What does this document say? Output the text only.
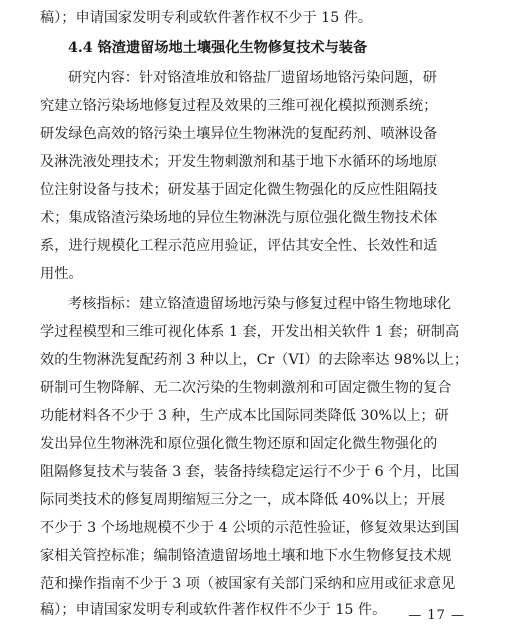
稿）；申请国家发明专利或软件著作权不少于 15 件。
4.4 铬渣遗留场地土壤强化生物修复技术与装备
研究内容：针对铬渣堆放和铬盐厂遗留场地铬污染问题，研
究建立铬污染场地修复过程及效果的三维可视化模拟预测系统；
研发绿色高效的铬污染土壤异位生物淋洗的复配药剂、喷淋设备
及淋洗液处理技术；开发生物刺激剂和基于地下水循环的场地原
位注射设备与技术；研发基于固定化微生物强化的反应性阻隔技
术；集成铬渣污染场地的异位生物淋洗与原位强化微生物技术体
系，进行规模化工程示范应用验证，评估其安全性、长效性和适
用性。
考核指标：建立铬渣遗留场地污染与修复过程中铬生物地球化
学过程模型和三维可视化体系 1 套，开发出相关软件 1 套；研制高
效的生物淋洗复配药剂 3 种以上，Cr（VI）的去除率达 98%以上；
研制可生物降解、无二次污染的生物刺激剂和可固定微生物的复合
功能材料各不少于 3 种，生产成本比国际同类降低 30%以上；研
发出异位生物淋洗和原位强化微生物还原和固定化微生物强化的
阻隔修复技术与装备 3 套，装备持续稳定运行不少于 6 个月，比国
际同类技术的修复周期缩短三分之一，成本降低 40%以上；开展
不少于 3 个场地规模不少于 4 公顷的示范性验证，修复效果达到国
家相关管控标准；编制铬渣遗留场地土壤和地下水生物修复技术规
范和操作指南不少于 3 项（被国家有关部门采纳和应用或征求意见
稿）；申请国家发明专利或软件著作权件不少于 15 件。	— 17 —
